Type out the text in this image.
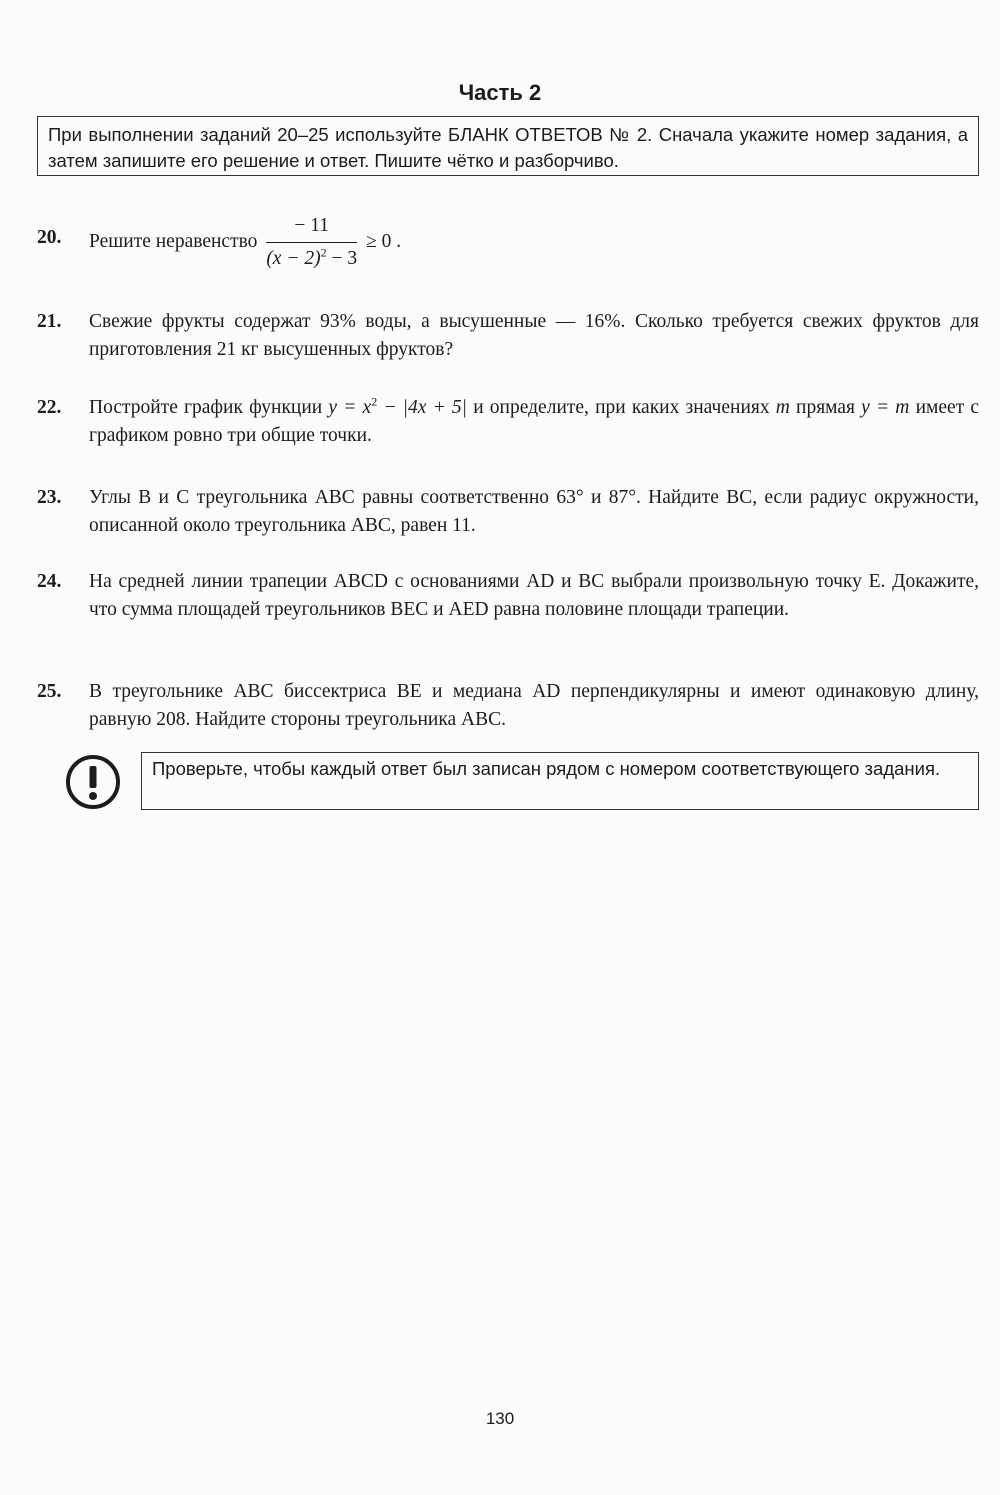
Часть 2
При выполнении заданий 20–25 используйте БЛАНК ОТВЕТОВ № 2. Сначала укажите номер задания, а затем запишите его решение и ответ. Пишите чётко и разборчиво.
20. Решите неравенство $\frac{- 11}{(x - 2)^2 - 3} \ge 0$ .
21. Свежие фрукты содержат 93% воды, а высушенные — 16%. Сколько требуется свежих фруктов для приготовления 21 кг высушенных фруктов?
22. Постройте график функции $y = x^2 - |4x + 5|$ и определите, при каких значениях m прямая y = m имеет с графиком ровно три общие точки.
23. Углы B и C треугольника ABC равны соответственно 63° и 87°. Найдите BC, если радиус окружности, описанной около треугольника ABC, равен 11.
24. На средней линии трапеции ABCD с основаниями AD и BC выбрали произвольную точку E. Докажите, что сумма площадей треугольников BEC и AED равна половине площади трапеции.
25. В треугольнике ABC биссектриса BE и медиана AD перпендикулярны и имеют одинаковую длину, равную 208. Найдите стороны треугольника ABC.
Проверьте, чтобы каждый ответ был записан рядом с номером соответствующего задания.
130
